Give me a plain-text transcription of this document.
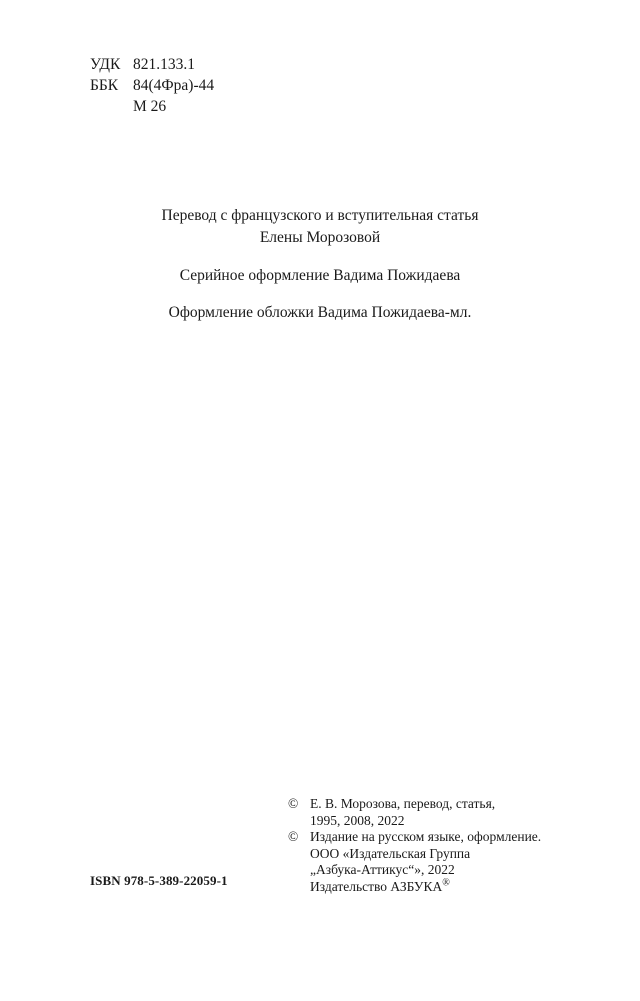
УДК 821.133.1
ББК 84(4Фра)-44
М 26
Перевод с французского и вступительная статья
Елены Морозовой
Серийное оформление Вадима Пожидаева
Оформление обложки Вадима Пожидаева-мл.
© Е. В. Морозова, перевод, статья,
1995, 2008, 2022
© Издание на русском языке, оформление.
ООО «Издательская Группа
„Азбука-Аттикус“», 2022
Издательство АЗБУКА®
ISBN 978-5-389-22059-1
